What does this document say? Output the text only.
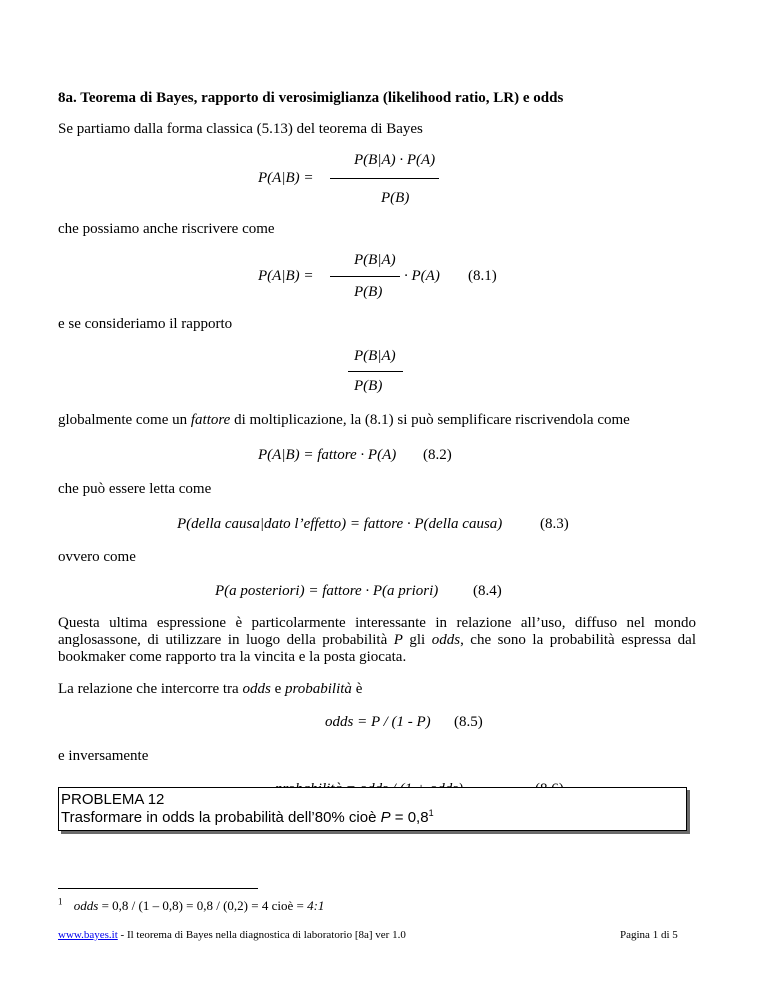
8a. Teorema di Bayes, rapporto di verosimiglianza (likelihood ratio, LR) e odds
Se partiamo dalla forma classica (5.13) del teorema di Bayes
P(A|B) =
P(B|A) · P(A)
P(B)
che possiamo anche riscrivere come
P(A|B) =
P(B|A)
P(B)
· P(A) (8.1)
e se consideriamo il rapporto
P(B|A)
P(B)
globalmente come un fattore di moltiplicazione, la (8.1) si può semplificare riscrivendola come
P(A|B) = fattore · P(A) (8.2)
che può essere letta come
P(della causa|dato l’effetto) = fattore · P(della causa)	(8.3)
ovvero come
P(a posteriori) = fattore · P(a priori) (8.4)
Questa ultima espressione è particolarmente interessante in relazione all’uso, diffuso nel mondo anglosassone, di utilizzare in luogo della probabilità P gli odds, che sono la probabilità espressa dal bookmaker come rapporto tra la vincita e la posta giocata.
La relazione che intercorre tra odds e probabilità è
odds = P / (1 - P) (8.5)
e inversamente
PROBLEMA 12
Trasformare in odds la probabilità dell’80% cioè $P = 0,8^1$
$^1$ odds = 0,8 / (1 – 0,8) = 0,8 / (0,2) = 4 cioè = 4:1
www.bayes.it - Il teorema di Bayes nella diagnostica di laboratorio [8a] ver 1.0	Pagina 1 di 5
